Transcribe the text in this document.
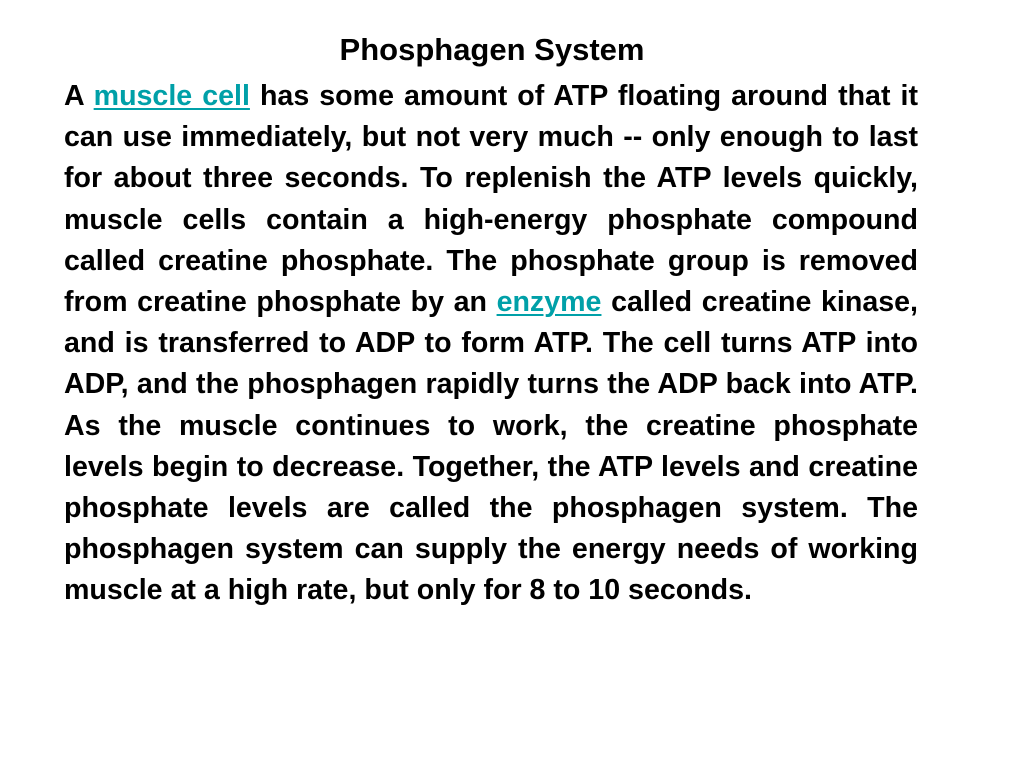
Phosphagen System

A muscle cell has some amount of ATP floating around that it can use immediately, but not very much -- only enough to last for about three seconds. To replenish the ATP levels quickly, muscle cells contain a high-energy phosphate compound called creatine phosphate. The phosphate group is removed from creatine phosphate by an enzyme called creatine kinase, and is transferred to ADP to form ATP. The cell turns ATP into ADP, and the phosphagen rapidly turns the ADP back into ATP. As the muscle continues to work, the creatine phosphate levels begin to decrease. Together, the ATP levels and creatine phosphate levels are called the phosphagen system. The phosphagen system can supply the energy needs of working muscle at a high rate, but only for 8 to 10 seconds.
